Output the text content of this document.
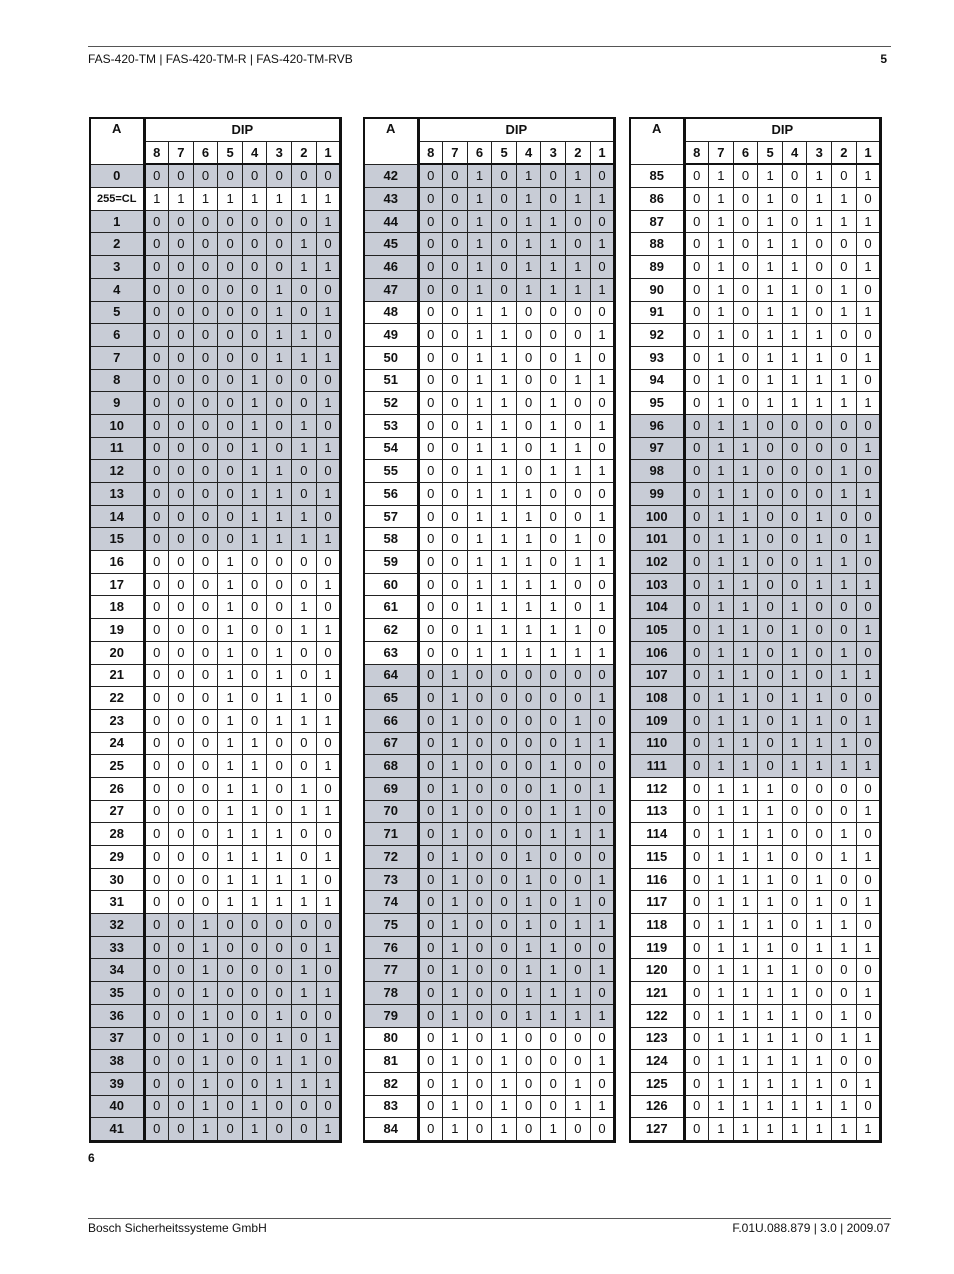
FAS-420-TM | FAS-420-TM-R | FAS-420-TM-RVB	5
A	DIP							
	8	7	6	5	4	3	2	1
0	0	0	0	0	0	0	0	0
255=CL	1	1	1	1	1	1	1	1
1	0	0	0	0	0	0	0	1
2	0	0	0	0	0	0	1	0
3	0	0	0	0	0	0	1	1
4	0	0	0	0	0	1	0	0
5	0	0	0	0	0	1	0	1
6	0	0	0	0	0	1	1	0
7	0	0	0	0	0	1	1	1
8	0	0	0	0	1	0	0	0
9	0	0	0	0	1	0	0	1
10	0	0	0	0	1	0	1	0
11	0	0	0	0	1	0	1	1
12	0	0	0	0	1	1	0	0
13	0	0	0	0	1	1	0	1
14	0	0	0	0	1	1	1	0
15	0	0	0	0	1	1	1	1
16	0	0	0	1	0	0	0	0
17	0	0	0	1	0	0	0	1
18	0	0	0	1	0	0	1	0
19	0	0	0	1	0	0	1	1
20	0	0	0	1	0	1	0	0
21	0	0	0	1	0	1	0	1
22	0	0	0	1	0	1	1	0
23	0	0	0	1	0	1	1	1
24	0	0	0	1	1	0	0	0
25	0	0	0	1	1	0	0	1
26	0	0	0	1	1	0	1	0
27	0	0	0	1	1	0	1	1
28	0	0	0	1	1	1	0	0
29	0	0	0	1	1	1	0	1
30	0	0	0	1	1	1	1	0
31	0	0	0	1	1	1	1	1
32	0	0	1	0	0	0	0	0
33	0	0	1	0	0	0	0	1
34	0	0	1	0	0	0	1	0
35	0	0	1	0	0	0	1	1
36	0	0	1	0	0	1	0	0
37	0	0	1	0	0	1	0	1
38	0	0	1	0	0	1	1	0
39	0	0	1	0	0	1	1	1
40	0	0	1	0	1	0	0	0
41	0	0	1	0	1	0	0	1
A	DIP							
	8	7	6	5	4	3	2	1
42	0	0	1	0	1	0	1	0
43	0	0	1	0	1	0	1	1
44	0	0	1	0	1	1	0	0
45	0	0	1	0	1	1	0	1
46	0	0	1	0	1	1	1	0
47	0	0	1	0	1	1	1	1
48	0	0	1	1	0	0	0	0
49	0	0	1	1	0	0	0	1
50	0	0	1	1	0	0	1	0
51	0	0	1	1	0	0	1	1
52	0	0	1	1	0	1	0	0
53	0	0	1	1	0	1	0	1
54	0	0	1	1	0	1	1	0
55	0	0	1	1	0	1	1	1
56	0	0	1	1	1	0	0	0
57	0	0	1	1	1	0	0	1
58	0	0	1	1	1	0	1	0
59	0	0	1	1	1	0	1	1
60	0	0	1	1	1	1	0	0
61	0	0	1	1	1	1	0	1
62	0	0	1	1	1	1	1	0
63	0	0	1	1	1	1	1	1
64	0	1	0	0	0	0	0	0
65	0	1	0	0	0	0	0	1
66	0	1	0	0	0	0	1	0
67	0	1	0	0	0	0	1	1
68	0	1	0	0	0	1	0	0
69	0	1	0	0	0	1	0	1
70	0	1	0	0	0	1	1	0
71	0	1	0	0	0	1	1	1
72	0	1	0	0	1	0	0	0
73	0	1	0	0	1	0	0	1
74	0	1	0	0	1	0	1	0
75	0	1	0	0	1	0	1	1
76	0	1	0	0	1	1	0	0
77	0	1	0	0	1	1	0	1
78	0	1	0	0	1	1	1	0
79	0	1	0	0	1	1	1	1
80	0	1	0	1	0	0	0	0
81	0	1	0	1	0	0	0	1
82	0	1	0	1	0	0	1	0
83	0	1	0	1	0	0	1	1
84	0	1	0	1	0	1	0	0
A	DIP							
	8	7	6	5	4	3	2	1
85	0	1	0	1	0	1	0	1
86	0	1	0	1	0	1	1	0
87	0	1	0	1	0	1	1	1
88	0	1	0	1	1	0	0	0
89	0	1	0	1	1	0	0	1
90	0	1	0	1	1	0	1	0
91	0	1	0	1	1	0	1	1
92	0	1	0	1	1	1	0	0
93	0	1	0	1	1	1	0	1
94	0	1	0	1	1	1	1	0
95	0	1	0	1	1	1	1	1
96	0	1	1	0	0	0	0	0
97	0	1	1	0	0	0	0	1
98	0	1	1	0	0	0	1	0
99	0	1	1	0	0	0	1	1
100	0	1	1	0	0	1	0	0
101	0	1	1	0	0	1	0	1
102	0	1	1	0	0	1	1	0
103	0	1	1	0	0	1	1	1
104	0	1	1	0	1	0	0	0
105	0	1	1	0	1	0	0	1
106	0	1	1	0	1	0	1	0
107	0	1	1	0	1	0	1	1
108	0	1	1	0	1	1	0	0
109	0	1	1	0	1	1	0	1
110	0	1	1	0	1	1	1	0
111	0	1	1	0	1	1	1	1
112	0	1	1	1	0	0	0	0
113	0	1	1	1	0	0	0	1
114	0	1	1	1	0	0	1	0
115	0	1	1	1	0	0	1	1
116	0	1	1	1	0	1	0	0
117	0	1	1	1	0	1	0	1
118	0	1	1	1	0	1	1	0
119	0	1	1	1	0	1	1	1
120	0	1	1	1	1	0	0	0
121	0	1	1	1	1	0	0	1
122	0	1	1	1	1	0	1	0
123	0	1	1	1	1	0	1	1
124	0	1	1	1	1	1	0	0
125	0	1	1	1	1	1	0	1
126	0	1	1	1	1	1	1	0
127	0	1	1	1	1	1	1	1
6
Bosch Sicherheitssysteme GmbH	F.01U.088.879 | 3.0 | 2009.07
